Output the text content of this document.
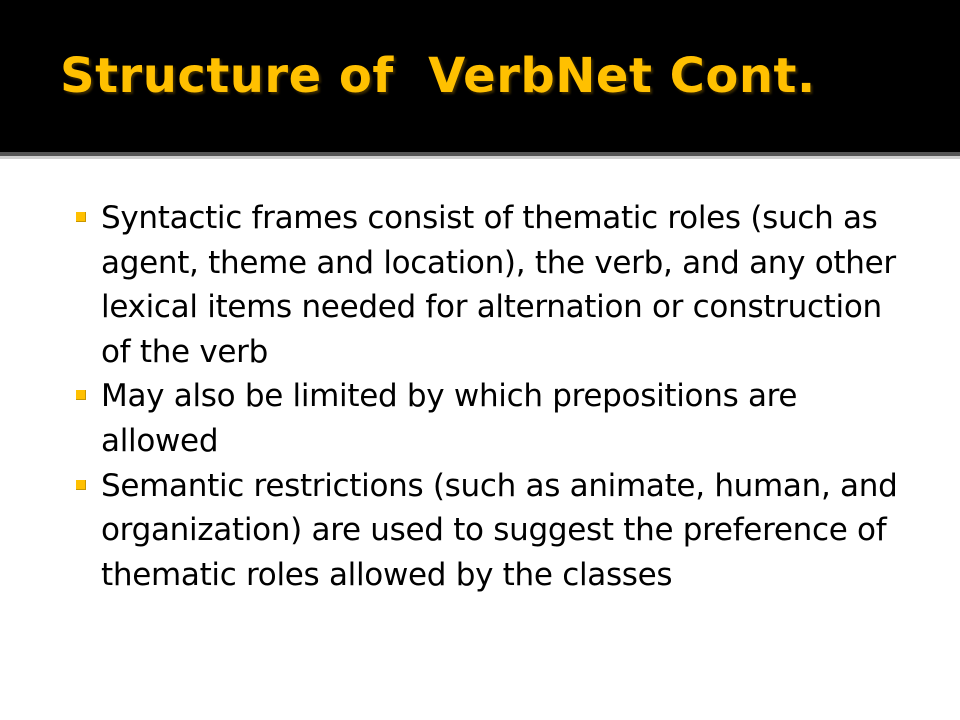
Structure of  VerbNet Cont.
Syntactic frames consist of thematic roles (such as agent, theme and location), the verb, and any other lexical items needed for alternation or construction of the verb
May also be limited by which prepositions are allowed
Semantic restrictions (such as animate, human, and organization) are used to suggest the preference of thematic roles allowed by the classes
